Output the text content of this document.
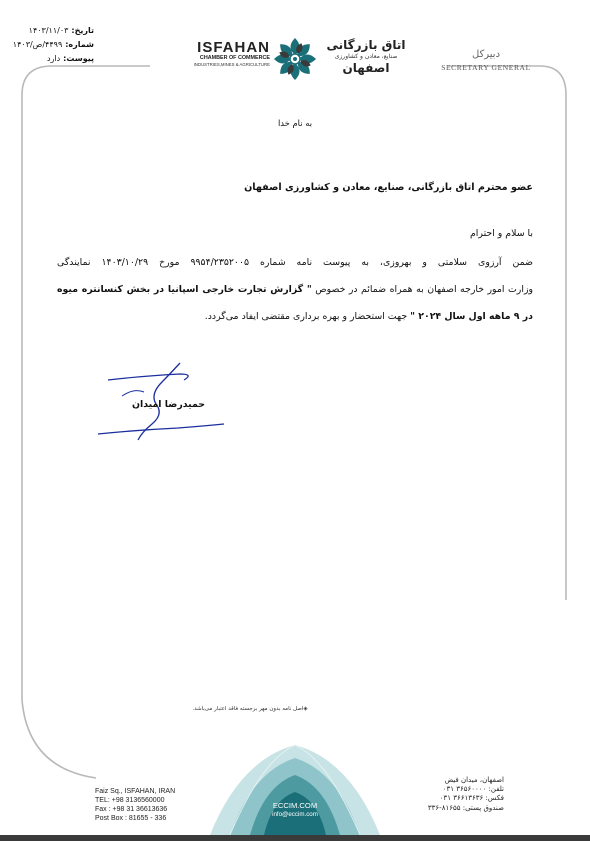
تاریخ:۱۴۰۳/۱۱/۰۳
شماره:۴۴۹۹/ص/۱۴۰۳
پیوست:دارد
ISFAHAN
CHAMBER OF COMMERCE
INDUSTRIES,MINES & AGRICULTURE
اتاق بازرگانی
صنایع، معادن و کشاورزی
اصفهان
دبیرکل
SECRETARY GENERAL
به نام خدا
عضو محترم اتاق بازرگانی، صنایع، معادن و کشاورزی اصفهان
با سلام و احترام
ضمن آرزوی سلامتی و بهروزی، به پیوست نامه شماره ۹۹۵۴/۲۳۵۲۰۰۵ مورخ ۱۴۰۳/۱۰/۲۹ نمایندگی
وزارت امور خارجه اصفهان به همراه ضمائم در خصوص " گزارش تجارت خارجی اسپانیا در بخش کنسانتره میوه
در ۹ ماهه اول سال ۲۰۲۴ " جهت استحضار و بهره برداری مقتضی ایفاد می‌گردد.
حمیدرضا امیدان
◈اصل نامه بدون مهر برجسته فاقد اعتبار می‌باشد.
Faiz Sq., ISFAHAN, IRAN
TEL: +98 3136560000
Fax : +98 31 36613636
Post Box : 81655 - 336
ECCIM.COM
info@eccim.com
اصفهان، میدان فیض
تلفن: ۳۶۵۶۰۰۰۰ ۰۳۱
فکس: ۳۶۶۱۳۶۳۶ ۰۳۱
صندوق پستی: ۸۱۶۵۵-۳۳۶
